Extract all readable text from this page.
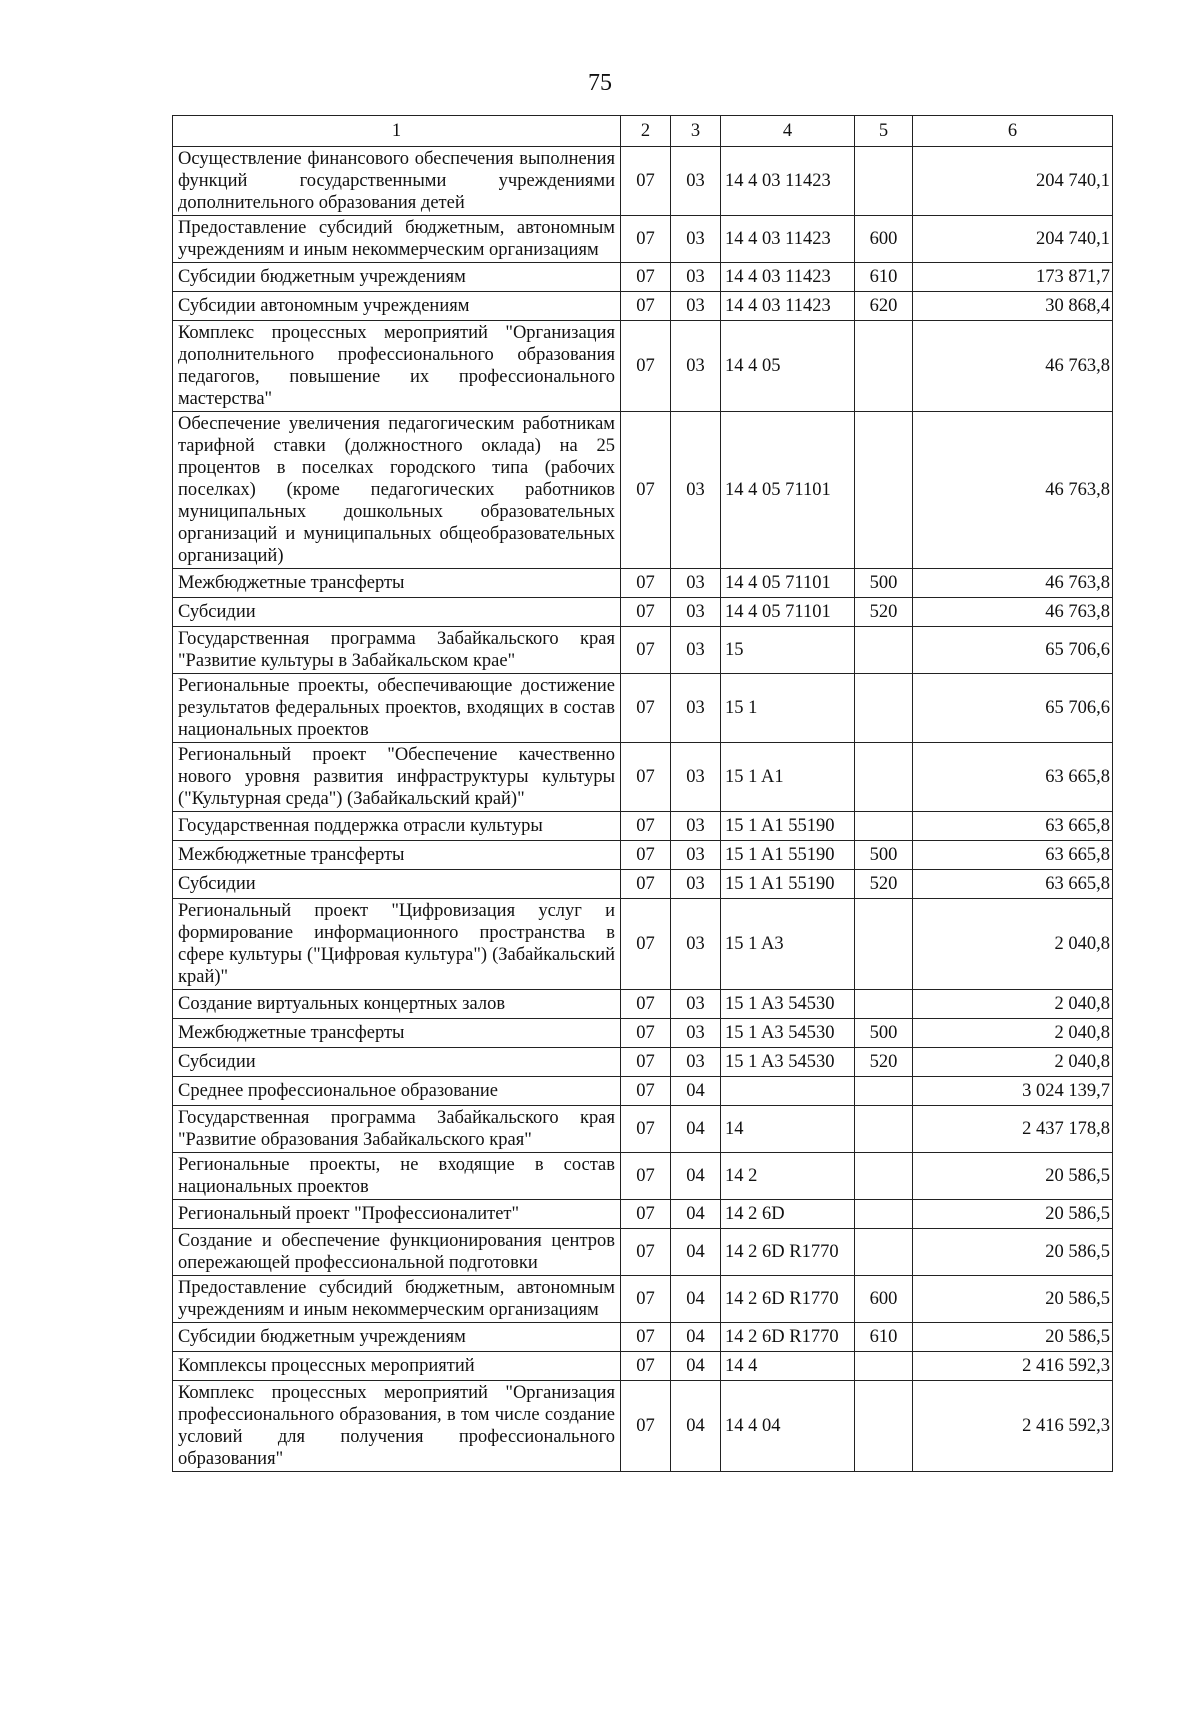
75
1	2	3	4	5	6
Осуществление финансового обеспечения выполнения функций государственными учреждениями дополнительного образования детей	07	03	14 4 03 11423		204 740,1
Предоставление субсидий бюджетным, автономным учреждениям и иным некоммерческим организациям	07	03	14 4 03 11423	600	204 740,1
Субсидии бюджетным учреждениям	07	03	14 4 03 11423	610	173 871,7
Субсидии автономным учреждениям	07	03	14 4 03 11423	620	30 868,4
Комплекс процессных мероприятий "Организация дополнительного профессионального образования педагогов, повышение их профессионального мастерства"	07	03	14 4 05		46 763,8
Обеспечение увеличения педагогическим работникам тарифной ставки (должностного оклада) на 25 процентов в поселках городского типа (рабочих поселках) (кроме педагогических работников муниципальных дошкольных образовательных организаций и муниципальных общеобразовательных организаций)	07	03	14 4 05 71101		46 763,8
Межбюджетные трансферты	07	03	14 4 05 71101	500	46 763,8
Субсидии	07	03	14 4 05 71101	520	46 763,8
Государственная программа Забайкальского края "Развитие культуры в Забайкальском крае"	07	03	15		65 706,6
Региональные проекты, обеспечивающие достижение результатов федеральных проектов, входящих в состав национальных проектов	07	03	15 1		65 706,6
Региональный проект "Обеспечение качественно нового уровня развития инфраструктуры культуры ("Культурная среда") (Забайкальский край)"	07	03	15 1 A1		63 665,8
Государственная поддержка отрасли культуры	07	03	15 1 A1 55190		63 665,8
Межбюджетные трансферты	07	03	15 1 A1 55190	500	63 665,8
Субсидии	07	03	15 1 A1 55190	520	63 665,8
Региональный проект "Цифровизация услуг и формирование информационного пространства в сфере культуры ("Цифровая культура") (Забайкальский край)"	07	03	15 1 A3		2 040,8
Создание виртуальных концертных залов	07	03	15 1 A3 54530		2 040,8
Межбюджетные трансферты	07	03	15 1 A3 54530	500	2 040,8
Субсидии	07	03	15 1 A3 54530	520	2 040,8
Среднее профессиональное образование	07	04			3 024 139,7
Государственная программа Забайкальского края "Развитие образования Забайкальского края"	07	04	14		2 437 178,8
Региональные проекты, не входящие в состав национальных проектов	07	04	14 2		20 586,5
Региональный проект "Профессионалитет"	07	04	14 2 6D		20 586,5
Создание и обеспечение функционирования центров опережающей профессиональной подготовки	07	04	14 2 6D R1770		20 586,5
Предоставление субсидий бюджетным, автономным учреждениям и иным некоммерческим организациям	07	04	14 2 6D R1770	600	20 586,5
Субсидии бюджетным учреждениям	07	04	14 2 6D R1770	610	20 586,5
Комплексы процессных мероприятий	07	04	14 4		2 416 592,3
Комплекс процессных мероприятий "Организация профессионального образования, в том числе создание условий для получения профессионального образования"	07	04	14 4 04		2 416 592,3
